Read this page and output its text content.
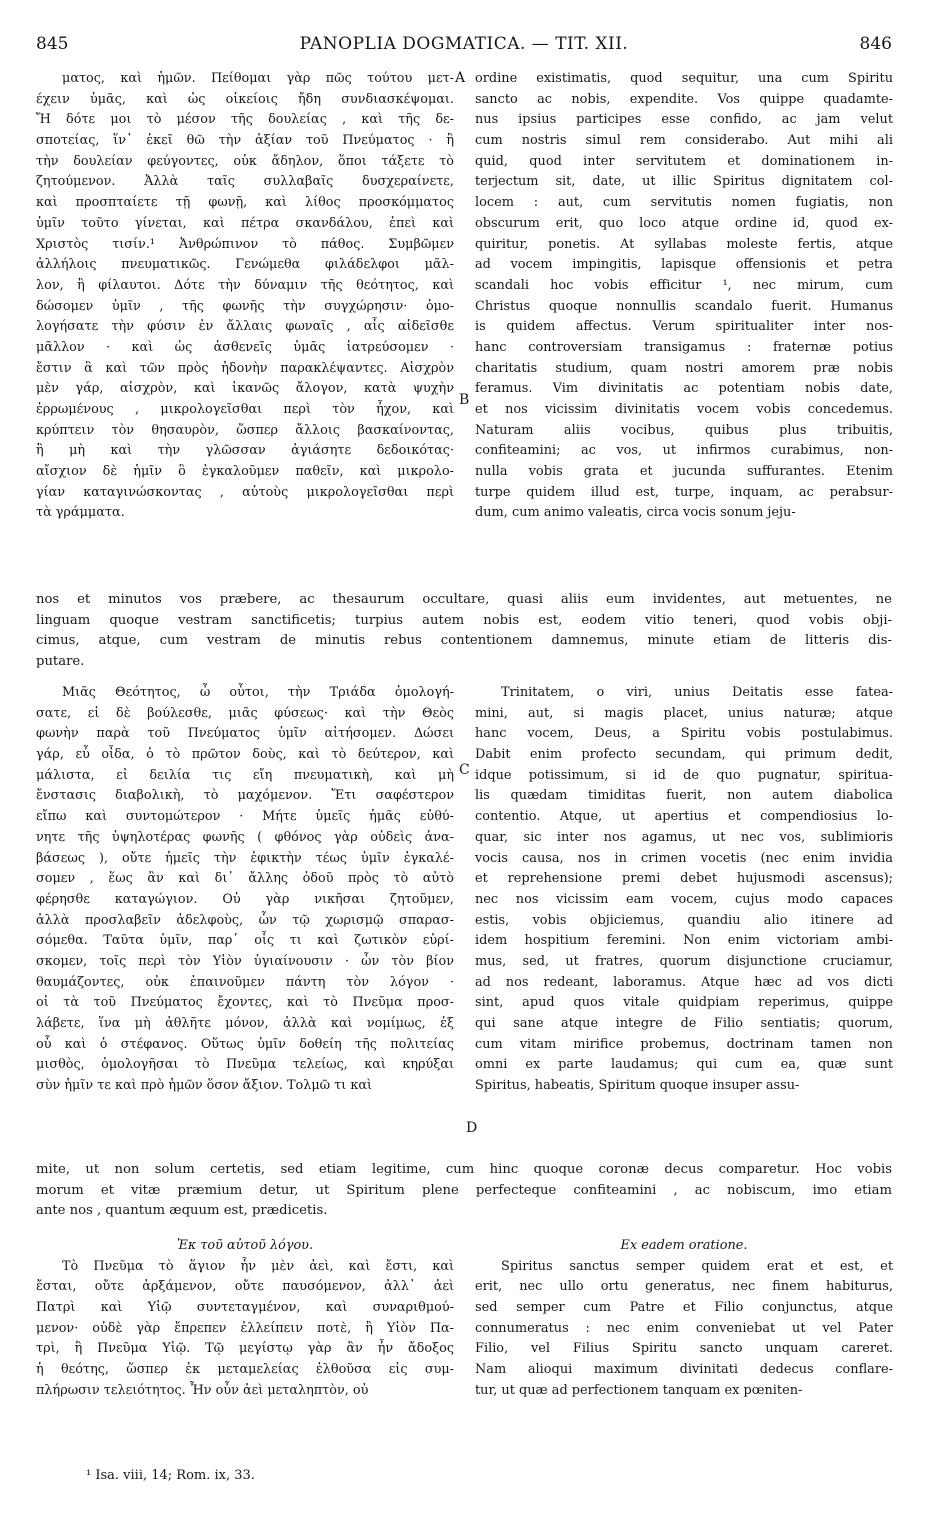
845	PANOPLIA DOGMATICA. — TIT. XII.	846
A
B
C
D
ματος, καὶ ἡμῶν. Πείθομαι γὰρ πῶς τούτου μετ-
έχειν ὑμᾶς, καὶ ὡς οἰκείοις ἤδη συνδιασκέψομαι.
Ἤ δότε μοι τὸ μέσον τῆς δουλείας , καὶ τῆς δε-
σποτείας, ἵν᾿ ἐκεῖ θῶ τὴν ἀξίαν τοῦ Πνεύματος · ἢ
τὴν δουλείαν φεύγοντες, οὐκ ἄδηλον, ὅποι τάξετε τὸ
ζητούμενον. Ἀλλὰ ταῖς συλλαβαῖς δυσχεραίνετε,
καὶ προσπταίετε τῇ φωνῇ, καὶ λίθος προσκόμματος
ὑμῖν τοῦτο γίνεται, καὶ πέτρα σκανδάλου, ἐπεὶ καὶ
Χριστὸς τισίν.¹ Ἀνθρώπινον τὸ πάθος. Συμβῶμεν
ἀλλήλοις πνευματικῶς. Γενώμεθα φιλάδελφοι μᾶλ-
λον, ἢ φίλαυτοι. Δότε τὴν δύναμιν τῆς θεότητος, καὶ
δώσομεν ὑμῖν , τῆς φωνῆς τὴν συγχώρησιν· ὁμο-
λογήσατε τὴν φύσιν ἐν ἄλλαις φωναῖς , αἷς αἰδεῖσθε
μᾶλλον · καὶ ὡς ἀσθενεῖς ὑμᾶς ἰατρεύσομεν ·
ἔστιν ἃ καὶ τῶν πρὸς ἡδονὴν παρακλέψαντες. Αἰσχρὸν
μὲν γάρ, αἰσχρὸν, καὶ ἱκανῶς ἄλογον, κατὰ ψυχὴν
ἐρρωμένους , μικρολογεῖσθαι περὶ τὸν ἦχον, καὶ
κρύπτειν τὸν θησαυρὸν, ὥσπερ ἄλλοις βασκαίνοντας,
ἢ μὴ καὶ τὴν γλῶσσαν ἁγιάσητε δεδοικότας·
αἴσχιον δὲ ἡμῖν ὃ ἐγκαλοῦμεν παθεῖν, καὶ μικρολο-
γίαν καταγινώσκοντας , αὐτοὺς μικρολογεῖσθαι περὶ
τὰ γράμματα.
ordine existimatis, quod sequitur, una cum Spiritu
sancto ac nobis, expendite. Vos quippe quadamte-
nus ipsius participes esse confido, ac jam velut
cum nostris simul rem considerabo. Aut mihi ali
quid, quod inter servitutem et dominationem in-
terjectum sit, date, ut illic Spiritus dignitatem col-
locem : aut, cum servitutis nomen fugiatis, non
obscurum erit, quo loco atque ordine id, quod ex-
quiritur, ponetis. At syllabas moleste fertis, atque
ad vocem impingitis, lapisque offensionis et petra
scandali hoc vobis efficitur ¹, nec mirum, cum
Christus quoque nonnullis scandalo fuerit. Humanus
is quidem affectus. Verum spiritualiter inter nos-
hanc controversiam transigamus : fraternæ potius
charitatis studium, quam nostri amorem præ nobis
feramus. Vim divinitatis ac potentiam nobis date,
et nos vicissim divinitatis vocem vobis concedemus.
Naturam aliis vocibus, quibus plus tribuitis,
confiteamini; ac vos, ut infirmos curabimus, non-
nulla vobis grata et jucunda suffurantes. Etenim
turpe quidem illud est, turpe, inquam, ac perabsur-
dum, cum animo valeatis, circa vocis sonum jeju-
nos et minutos vos præbere, ac thesaurum occultare, quasi aliis eum invidentes, aut metuentes, ne
linguam quoque vestram sanctificetis; turpius autem nobis est, eodem vitio teneri, quod vobis obji-
cimus, atque, cum vestram de minutis rebus contentionem damnemus, minute etiam de litteris dis-
putare.
Μιᾶς Θεότητος, ὦ οὗτοι, τὴν Τριάδα ὁμολογή-
σατε, εἰ δὲ βούλεσθε, μιᾶς φύσεως· καὶ τὴν Θεὸς
φωνὴν παρὰ τοῦ Πνεύματος ὑμῖν αἰτήσομεν. Δώσει
γάρ, εὖ οἶδα, ὁ τὸ πρῶτον δοὺς, καὶ τὸ δεύτερον, καὶ
μάλιστα, εἰ δειλία τις εἴη πνευματικὴ, καὶ μὴ
ἔνστασις διαβολικὴ, τὸ μαχόμενον. Ἔτι σαφέστερον
εἴπω καὶ συντομώτερον · Μήτε ὑμεῖς ἡμᾶς εὐθύ-
νητε τῆς ὑψηλοτέρας φωνῆς ( φθόνος γὰρ οὐδεὶς ἀνα-
βάσεως ), οὔτε ἡμεῖς τὴν ἐφικτὴν τέως ὑμῖν ἐγκαλέ-
σομεν , ἕως ἂν καὶ δι᾿ ἄλλης ὁδοῦ πρὸς τὸ αὐτὸ
φέρησθε καταγώγιον. Οὐ γὰρ νικῆσαι ζητοῦμεν,
ἀλλὰ προσλαβεῖν ἀδελφοὺς, ὧν τῷ χωρισμῷ σπαρασ-
σόμεθα. Ταῦτα ὑμῖν, παρ᾿ οἷς τι καὶ ζωτικὸν εὑρί-
σκομεν, τοῖς περὶ τὸν Υἱὸν ὑγιαίνουσιν · ὧν τὸν βίον
θαυμάζοντες, οὐκ ἐπαινοῦμεν πάντη τὸν λόγον ·
οἱ τὰ τοῦ Πνεύματος ἔχοντες, καὶ τὸ Πνεῦμα προσ-
λάβετε, ἵνα μὴ ἀθλῆτε μόνον, ἀλλὰ καὶ νομίμως, ἐξ
οὗ καὶ ὁ στέφανος. Οὕτως ὑμῖν δοθείη τῆς πολιτείας
μισθὸς, ὁμολογῆσαι τὸ Πνεῦμα τελείως, καὶ κηρύξαι
σὺν ἡμῖν τε καὶ πρὸ ἡμῶν ὅσον ἄξιον. Τολμῶ τι καὶ
Trinitatem, o viri, unius Deitatis esse fatea-
mini, aut, si magis placet, unius naturæ; atque
hanc vocem, Deus, a Spiritu vobis postulabimus.
Dabit enim profecto secundam, qui primum dedit,
idque potissimum, si id de quo pugnatur, spiritua-
lis quædam timiditas fuerit, non autem diabolica
contentio. Atque, ut apertius et compendiosius lo-
quar, sic inter nos agamus, ut nec vos, sublimioris
vocis causa, nos in crimen vocetis (nec enim invidia
et reprehensione premi debet hujusmodi ascensus);
nec nos vicissim eam vocem, cujus modo capaces
estis, vobis objiciemus, quandiu alio itinere ad
idem hospitium feremini. Non enim victoriam ambi-
mus, sed, ut fratres, quorum disjunctione cruciamur,
ad nos redeant, laboramus. Atque hæc ad vos dicti
sint, apud quos vitale quidpiam reperimus, quippe
qui sane atque integre de Filio sentiatis; quorum,
cum vitam mirifice probemus, doctrinam tamen non
omni ex parte laudamus; qui cum ea, quæ sunt
Spiritus, habeatis, Spiritum quoque insuper assu-
mite, ut non solum certetis, sed etiam legitime, cum hinc quoque coronæ decus comparetur. Hoc vobis
morum et vitæ præmium detur, ut Spiritum plene perfecteque confiteamini , ac nobiscum, imo etiam
ante nos , quantum æquum est, prædicetis.
Ἐκ τοῦ αὐτοῦ λόγου.
Τὸ Πνεῦμα τὸ ἅγιον ἦν μὲν ἀεὶ, καὶ ἔστι, καὶ
ἔσται, οὔτε ἀρξάμενον, οὔτε παυσόμενον, ἀλλ᾿ ἀεὶ
Πατρὶ καὶ Υἱῷ συντεταγμένον, καὶ συναριθμού-
μενον· οὐδὲ γὰρ ἔπρεπεν ἐλλείπειν ποτὲ, ἢ Υἱὸν Πα-
τρὶ, ἢ Πνεῦμα Υἱῷ. Τῷ μεγίστῳ γὰρ ἂν ἦν ἄδοξος
ἡ θεότης, ὥσπερ ἐκ μεταμελείας ἐλθοῦσα εἰς συμ-
πλήρωσιν τελειότητος. Ἦν οὖν ἀεὶ μεταληπτὸν, οὐ
Ex eadem oratione.
Spiritus sanctus semper quidem erat et est, et
erit, nec ullo ortu generatus, nec finem habiturus,
sed semper cum Patre et Filio conjunctus, atque
connumeratus : nec enim conveniebat ut vel Pater
Filio, vel Filius Spiritu sancto unquam careret.
Nam alioqui maximum divinitati dedecus conflare-
tur, ut quæ ad perfectionem tanquam ex pœniten-
¹ Isa. viii, 14; Rom. ix, 33.
